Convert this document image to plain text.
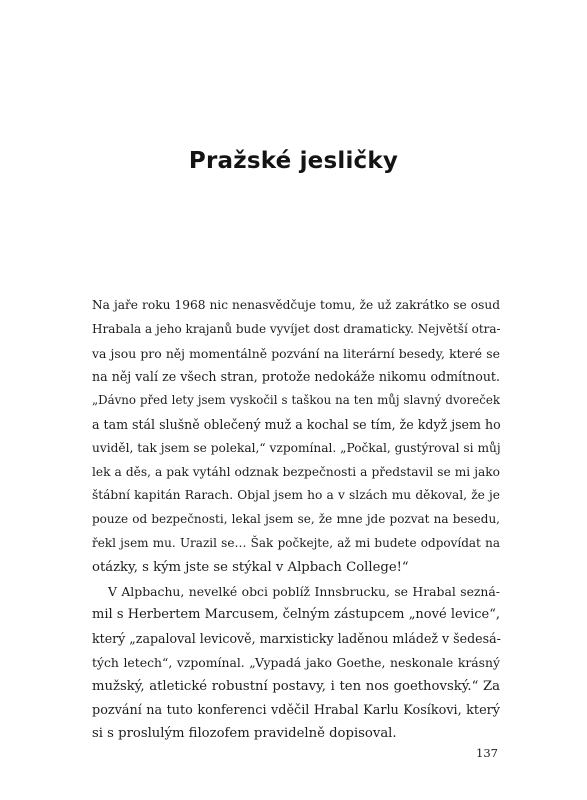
Pražské jesličky
Na jaře roku 1968 nic nenasvědčuje tomu, že už zakrátko se osud
Hrabala a jeho krajanů bude vyvíjet dost dramaticky. Největší otra-
va jsou pro něj momentálně pozvání na literární besedy, které se
na něj valí ze všech stran, protože nedokáže nikomu odmítnout.
„Dávno před lety jsem vyskočil s taškou na ten můj slavný dvoreček
a tam stál slušně oblečený muž a kochal se tím, že když jsem ho
uviděl, tak jsem se polekal,“ vzpomínal. „Počkal, gustýroval si můj
lek a děs, a pak vytáhl odznak bezpečnosti a představil se mi jako
štábní kapitán Rarach. Objal jsem ho a v slzách mu děkoval, že je
pouze od bezpečnosti, lekal jsem se, že mne jde pozvat na besedu,
řekl jsem mu. Urazil se… Šak počkejte, až mi budete odpovídat na
otázky, s kým jste se stýkal v Alpbach College!“
V Alpbachu, nevelké obci poblíž Innsbrucku, se Hrabal sezná-
mil s Herbertem Marcusem, čelným zástupcem „nové levice“,
který „zapaloval levicově, marxisticky laděnou mládež v šedesá-
tých letech“, vzpomínal. „Vypadá jako Goethe, neskonale krásný
mužský, atletické robustní postavy, i ten nos goethovský.“ Za
pozvání na tuto konferenci vděčil Hrabal Karlu Kosíkovi, který
si s proslulým filozofem pravidelně dopisoval.
137
